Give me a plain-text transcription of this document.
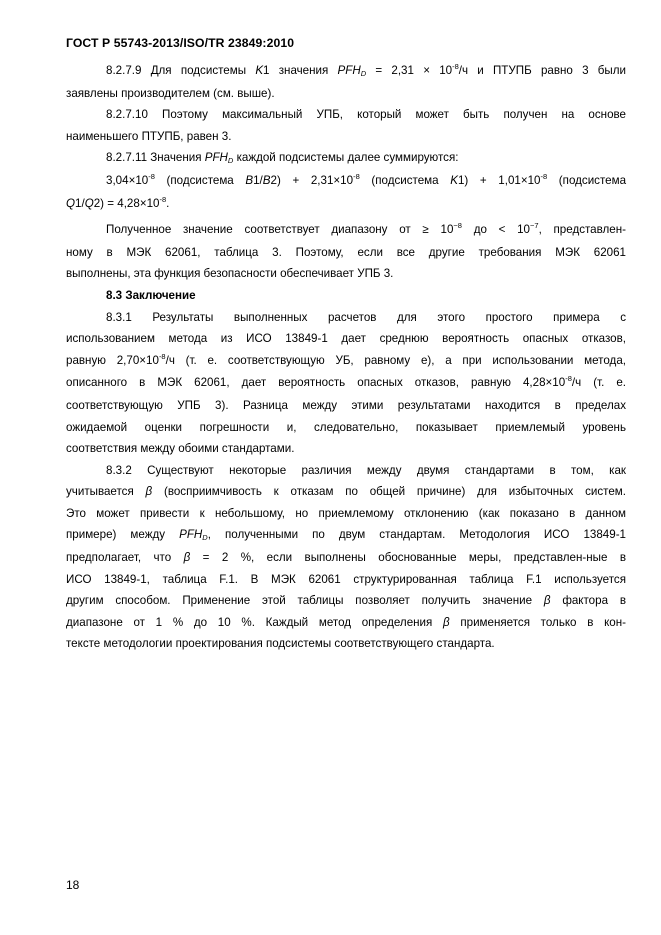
ГОСТ Р 55743-2013/ISO/TR 23849:2010

8.2.7.9 Для подсистемы K1 значения $PFH_D = 2,31 \times 10^{-8}/ч$ и ПТУПБ равно 3 были
заявлены производителем (см. выше).

8.2.7.10 Поэтому максимальный УПБ, который может быть получен на основе
наименьшего ПТУПБ, равен 3.

8.2.7.11 Значения $PFH_D$ каждой подсистемы далее суммируются:

$3,04\times 10^{-8}$ (подсистема $B1/B2) + 2,31\times 10^{-8}$ (подсистема $K1) + 1,01\times 10^{-8}$ (подсистема
$Q1/Q2) = 4,28\times 10^{-8}$.

Полученное значение соответствует диапазону от ≥ $10^{-8}$ до < $10^{-7}$, представлен-
ному в МЭК 62061, таблица 3. Поэтому, если все другие требования МЭК 62061
выполнены, эта функция безопасности обеспечивает УПБ 3.

8.3 Заключение

8.3.1 Результаты выполненных расчетов для этого простого примера с
использованием метода из ИСО 13849-1 дает среднюю вероятность опасных отказов,
равную $2,70\times 10^{-8}/ч$ (т. е. соответствующую УБ, равному е), а при использовании метода,
описанного в МЭК 62061, дает вероятность опасных отказов, равную $4,28\times 10^{-8}/ч$ (т. е.
соответствующую УПБ 3). Разница между этими результатами находится в пределах
ожидаемой оценки погрешности и, следовательно, показывает приемлемый уровень
соответствия между обоими стандартами.

8.3.2 Существуют некоторые различия между двумя стандартами в том, как
учитывается β (восприимчивость к отказам по общей причине) для избыточных систем.
Это может привести к небольшому, но приемлемому отклонению (как показано в данном
примере) между $PFH_D$, полученными по двум стандартам. Методология ИСО 13849-1
предполагает, что β = 2 %, если выполнены обоснованные меры, представлен-ные в
ИСО 13849-1, таблица F.1. В МЭК 62061 структурированная таблица F.1 используется
другим способом. Применение этой таблицы позволяет получить значение β фактора в
диапазоне от 1 % до 10 %. Каждый метод определения β применяется только в кон-
тексте методологии проектирования подсистемы соответствующего стандарта.

18
